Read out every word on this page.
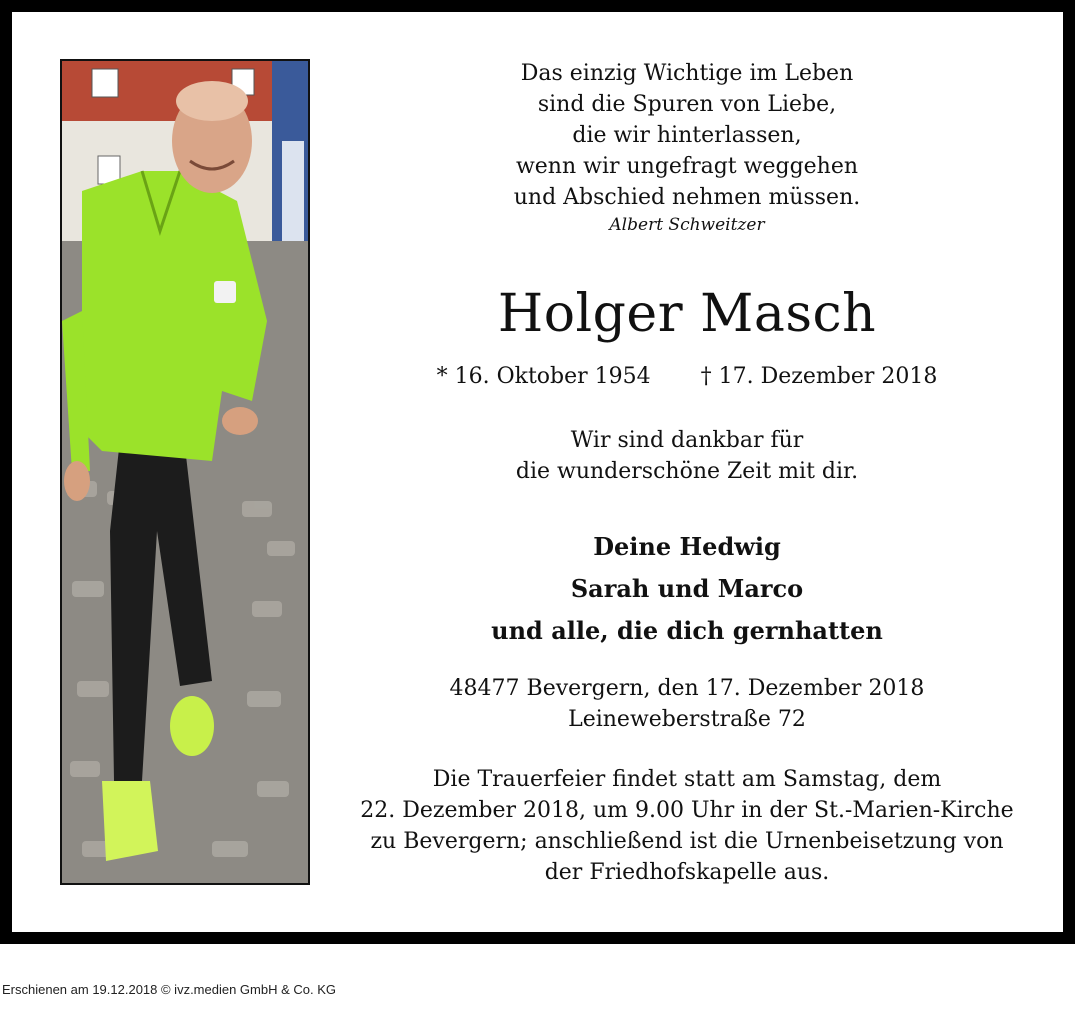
Das einzig Wichtige im Leben
sind die Spuren von Liebe,
die wir hinterlassen,
wenn wir ungefragt weggehen
und Abschied nehmen müssen.
Albert Schweitzer
Holger Masch
* 16. Oktober 1954 † 17. Dezember 2018
Wir sind dankbar für
die wunderschöne Zeit mit dir.
Deine Hedwig
Sarah und Marco
und alle, die dich gernhatten
48477 Bevergern, den 17. Dezember 2018
Leineweberstraße 72
Die Trauerfeier findet statt am Samstag, dem
22. Dezember 2018, um 9.00 Uhr in der St.-Marien-Kirche
zu Bevergern; anschließend ist die Urnenbeisetzung von
der Friedhofskapelle aus.
Erschienen am 19.12.2018 © ivz.medien GmbH & Co. KG
